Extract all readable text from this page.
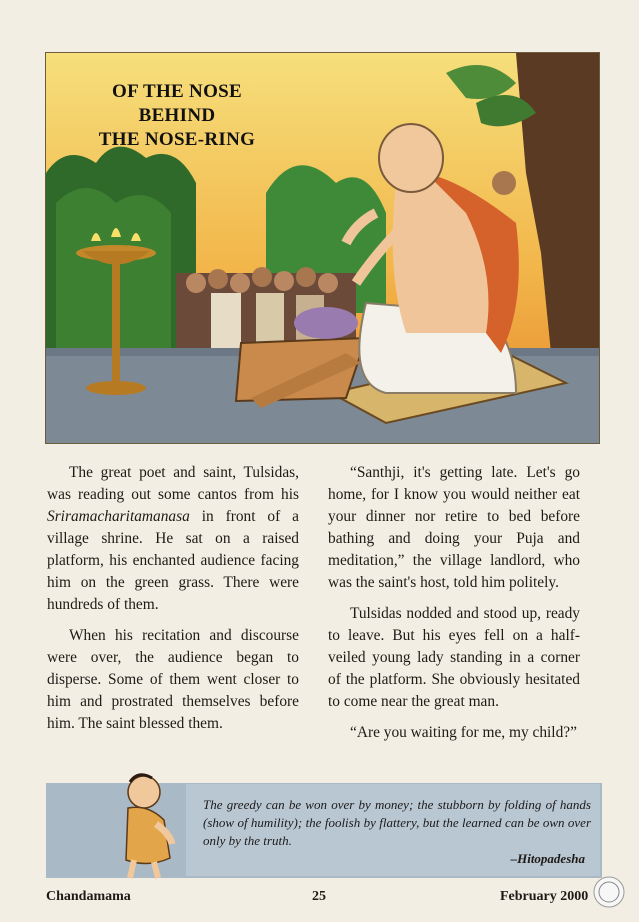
OF THE NOSE
BEHIND
THE NOSE-RING

The great poet and saint, Tulsidas, was reading out some cantos from his Sriramacharitamanasa in front of a village shrine. He sat on a raised platform, his enchanted audience facing him on the green grass. There were hundreds of them.

When his recitation and discourse were over, the audience began to disperse. Some of them went closer to him and prostrated themselves before him. The saint blessed them.

“Santhji, it's getting late. Let's go home, for I know you would neither eat your dinner nor retire to bed before bathing and doing your Puja and meditation,” the village landlord, who was the saint's host, told him politely.

Tulsidas nodded and stood up, ready to leave. But his eyes fell on a half-veiled young lady standing in a corner of the platform. She obviously hesitated to come near the great man.

“Are you waiting for me, my child?”

The greedy can be won over by money; the stubborn by folding of hands (show of humility); the foolish by flattery, but the learned can be own over only by the truth.
–Hitopadesha
Chandamama	25	February 2000
